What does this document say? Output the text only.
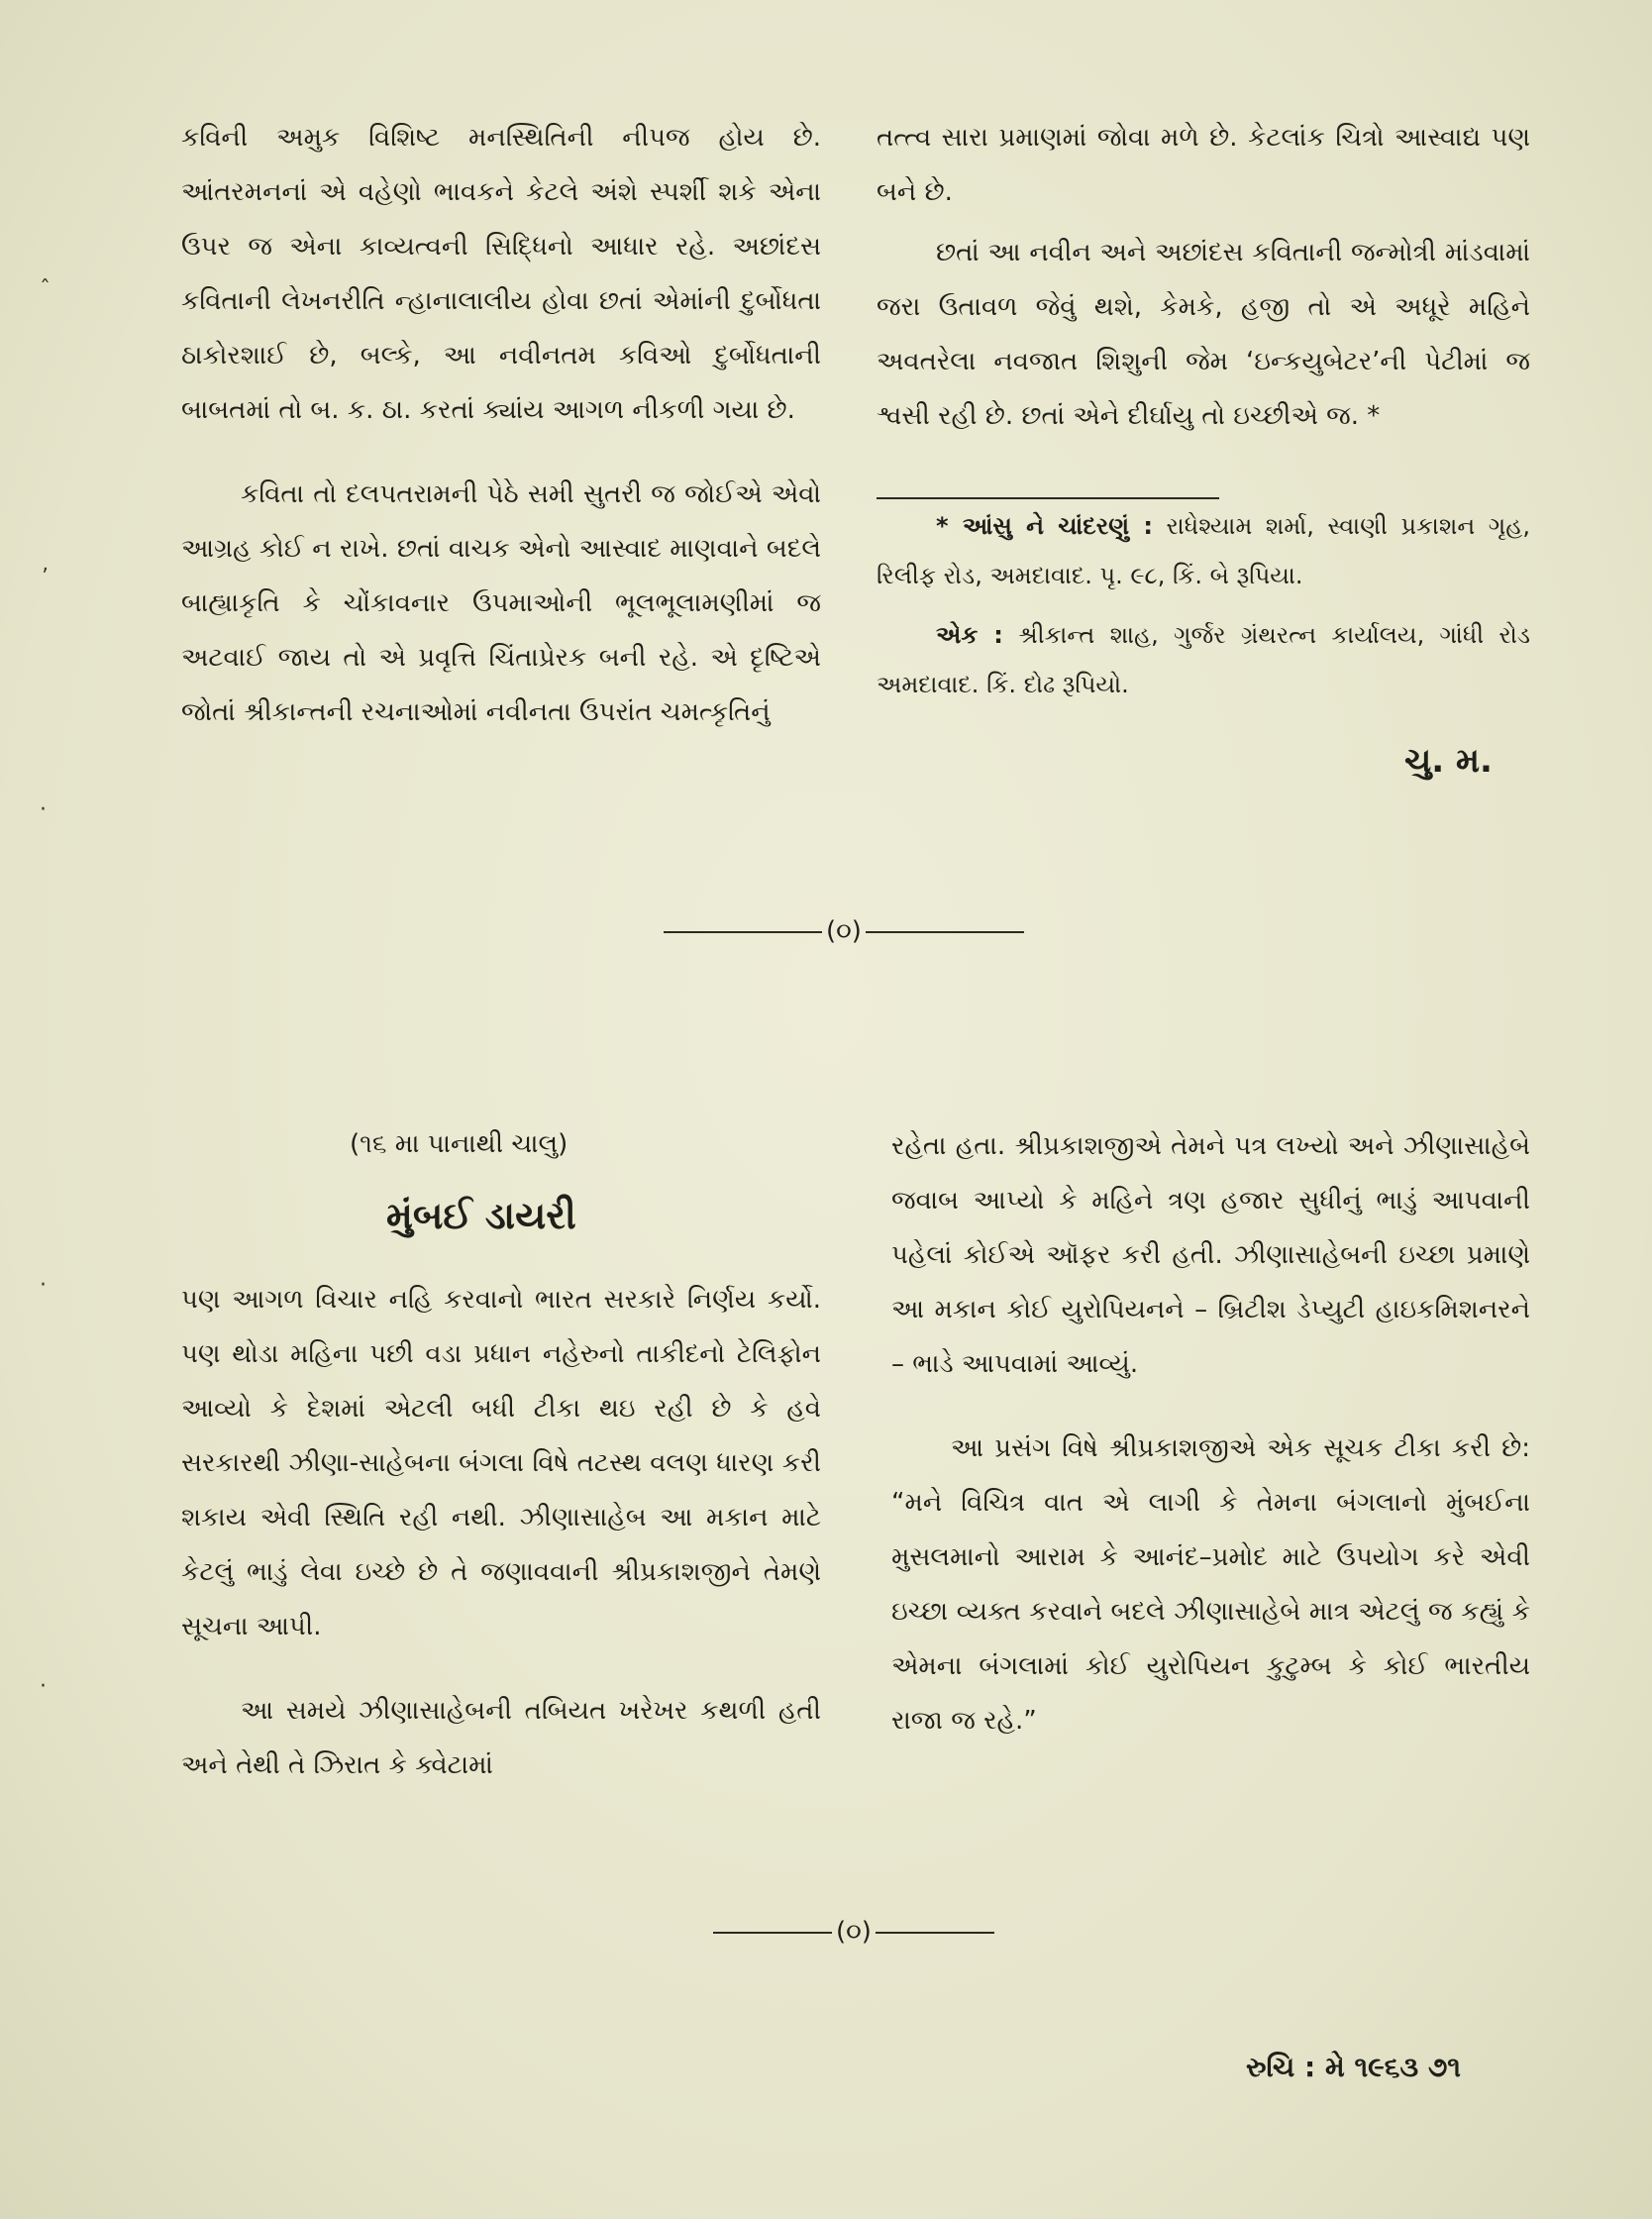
કવિની અમુક વિશિષ્ટ મનસ્થિતિની નીપજ હોય છે. આંતરમનનાં એ વહેણો ભાવકને કેટલે અંશે સ્પર્શી શકે એના ઉપર જ એના કાવ્યત્વની સિદ્ધિનો આધાર રહે. અછાંદસ કવિતાની લેખનરીતિ ન્હાનાલાલીય હોવા છતાં એમાંની દુર્બોધતા ઠાકોરશાઈ છે, બલ્કે, આ નવીનતમ કવિઓ દુર્બોધતાની બાબતમાં તો બ. ક. ઠા. કરતાં ક્યાંય આગળ નીકળી ગયા છે.

કવિતા તો દલપતરામની પેઠે સમી સુતરી જ જોઈએ એવો આગ્રહ કોઈ ન રાખે. છતાં વાચક એનો આસ્વાદ માણવાને બદલે બાહ્યાકૃતિ કે ચોંકાવનાર ઉપમાઓની ભૂલભૂલામણીમાં જ અટવાઈ જાય તો એ પ્રવૃત્તિ ચિંતાપ્રેરક બની રહે. એ દૃષ્ટિએ જોતાં શ્રીકાન્તની રચનાઓમાં નવીનતા ઉપરાંત ચમત્કૃતિનું

તત્ત્વ સારા પ્રમાણમાં જોવા મળે છે. કેટલાંક ચિત્રો આસ્વાદ્ય પણ બને છે.

છતાં આ નવીન અને અછાંદસ કવિતાની જન્મોત્રી માંડવામાં જરા ઉતાવળ જેવું થશે, કેમકે, હજી તો એ અધૂરે મહિને અવતરેલા નવજાત શિશુની જેમ ‘ઇન્કયુબેટર’ની પેટીમાં જ શ્વસી રહી છે. છતાં એને દીર્ઘાયુ તો ઇચ્છીએ જ. *

* આંસુ ને ચાંદરણું : રાધેશ્યામ શર્મા, સ્વાણી પ્રકાશન ગૃહ, રિલીફ રોડ, અમદાવાદ. પૃ. ૯૮, કિં. બે રૂપિયા.

એક : શ્રીકાન્ત શાહ, ગુર્જર ગ્રંથરત્ન કાર્યાલય, ગાંધી રોડ અમદાવાદ. કિં. દોઢ રૂપિયો.

ચુ. મ.
(૦)
(૧૬ મા પાનાથી ચાલુ)
મુંબઈ ડાયરી

પણ આગળ વિચાર નહિ કરવાનો ભારત સરકારે નિર્ણય કર્યો. પણ થોડા મહિના પછી વડા પ્રધાન નહેરુનો તાકીદનો ટેલિફોન આવ્યો કે દેશમાં એટલી બધી ટીકા થઇ રહી છે કે હવે સરકારથી ઝીણા-સાહેબના બંગલા વિષે તટસ્થ વલણ ધારણ કરી શકાય એવી સ્થિતિ રહી નથી. ઝીણાસાહેબ આ મકાન માટે કેટલું ભાડું લેવા ઇચ્છે છે તે જણાવવાની શ્રીપ્રકાશજીને તેમણે સૂચના આપી.

આ સમયે ઝીણાસાહેબની તબિયત ખરેખર કથળી હતી અને તેથી તે ઝિરાત કે ક્વેટામાં

રહેતા હતા. શ્રીપ્રકાશજીએ તેમને પત્ર લખ્યો અને ઝીણાસાહેબે જવાબ આપ્યો કે મહિને ત્રણ હજાર સુધીનું ભાડું આપવાની પહેલાં કોઈએ ઑફર કરી હતી. ઝીણાસાહેબની ઇચ્છા પ્રમાણે આ મકાન કોઈ યુરોપિયનને – બ્રિટીશ ડેપ્યુટી હાઇકમિશનરને – ભાડે આપવામાં આવ્યું.

આ પ્રસંગ વિષે શ્રીપ્રકાશજીએ એક સૂચક ટીકા કરી છે: “મને વિચિત્ર વાત એ લાગી કે તેમના બંગલાનો મુંબઈના મુસલમાનો આરામ કે આનંદ–પ્રમોદ માટે ઉપયોગ કરે એવી ઇચ્છા વ્યક્ત કરવાને બદલે ઝીણાસાહેબે માત્ર એટલું જ કહ્યું કે એમના બંગલામાં કોઈ યુરોપિયન કુટુમ્બ કે કોઈ ભારતીય રાજા જ રહે.”

(૦)
રુચિ : મે ૧૯૬૩ ૭૧
ˆ
ʼ
·
·
·
